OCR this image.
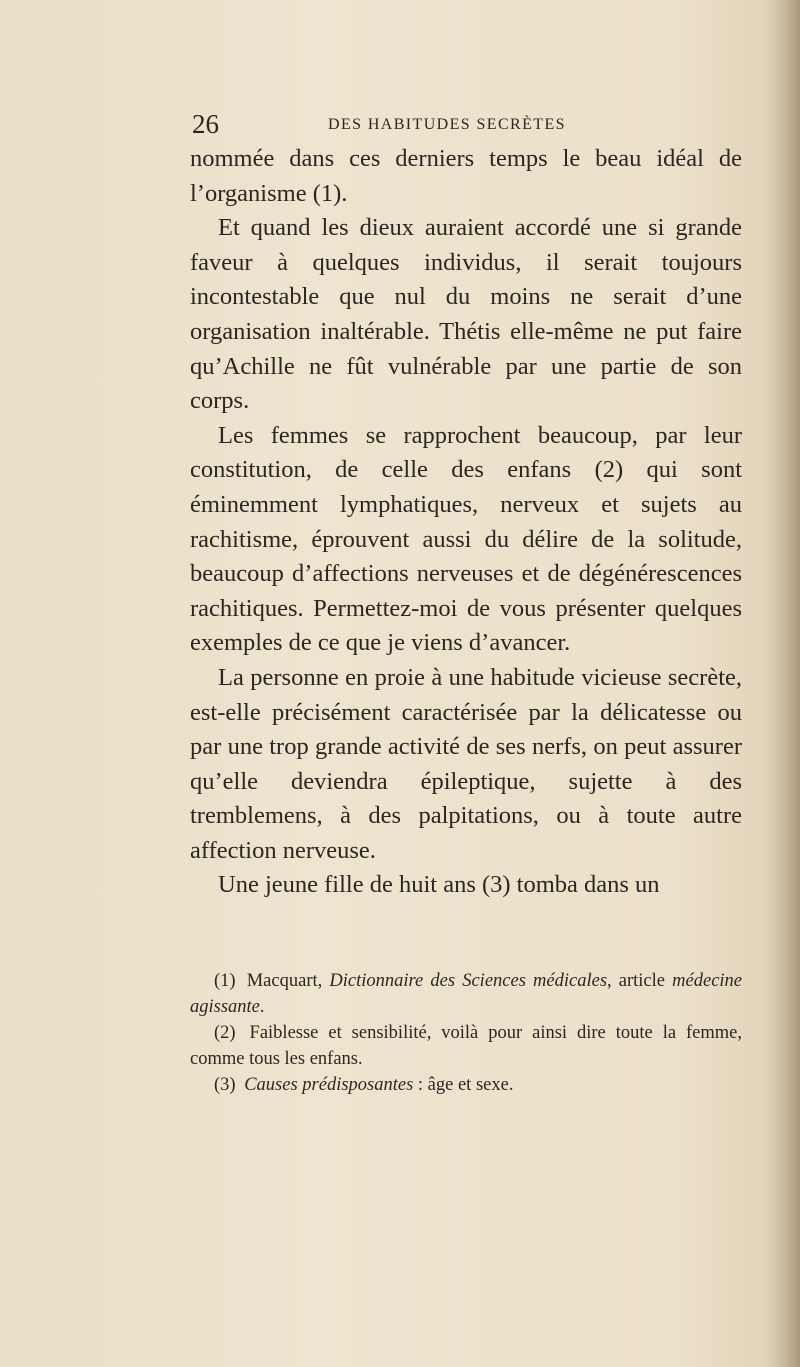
26	DES HABITUDES SECRÈTES

nommée dans ces derniers temps le beau idéal de l’organisme (1).

Et quand les dieux auraient accordé une si grande faveur à quelques individus, il serait toujours incontestable que nul du moins ne serait d’une organisation inaltérable. Thétis elle-même ne put faire qu’Achille ne fût vulnérable par une partie de son corps.

Les femmes se rapprochent beaucoup, par leur constitution, de celle des enfans (2) qui sont éminemment lymphatiques, nerveux et sujets au rachitisme, éprouvent aussi du délire de la solitude, beaucoup d’affections nerveuses et de dégénérescences rachitiques. Permettez-moi de vous présenter quelques exemples de ce que je viens d’avancer.

La personne en proie à une habitude vicieuse secrète, est-elle précisément caractérisée par la délicatesse ou par une trop grande activité de ses nerfs, on peut assurer qu’elle deviendra épileptique, sujette à des tremblemens, à des palpitations, ou à toute autre affection nerveuse.

Une jeune fille de huit ans (3) tomba dans un

(1) Macquart, Dictionnaire des Sciences médicales, article médecine agissante.

(2) Faiblesse et sensibilité, voilà pour ainsi dire toute la femme, comme tous les enfans.

(3) Causes prédisposantes : âge et sexe.
